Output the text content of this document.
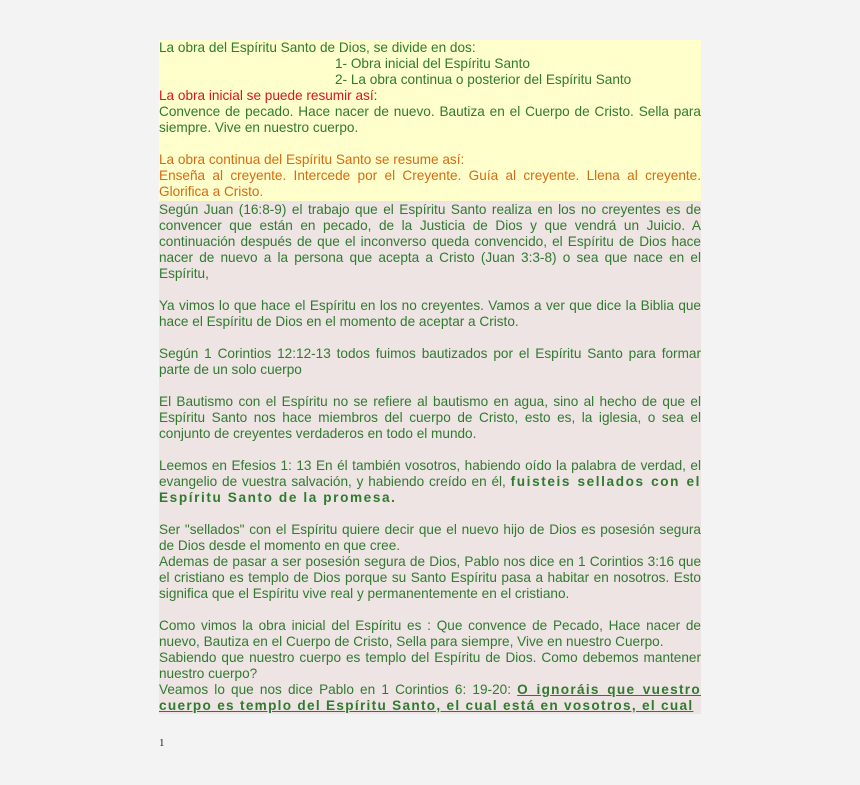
La obra del Espíritu Santo de Dios, se divide en dos:

1- Obra inicial del Espíritu Santo

2- La obra continua o posterior del Espíritu Santo

La obra inicial se puede resumir así:

Convence de pecado. Hace nacer de nuevo. Bautiza en el Cuerpo de Cristo. Sella para siempre. Vive en nuestro cuerpo.

La obra continua del Espíritu Santo se resume así:

Enseña al creyente. Intercede por el Creyente. Guía al creyente. Llena al creyente. Glorifica a Cristo.

Según Juan (16:8-9) el trabajo que el Espíritu Santo realiza en los no creyentes es de convencer que están en pecado, de la Justicia de Dios y que vendrá un Juicio. A continuación después de que el inconverso queda convencido, el Espíritu de Dios hace nacer de nuevo a la persona que acepta a Cristo (Juan 3:3-8) o sea que nace en el Espíritu,

Ya vimos lo que hace el Espíritu en los no creyentes. Vamos a ver que dice la Biblia que hace el Espíritu de Dios en el momento de aceptar a Cristo.

Según 1 Corintios 12:12-13 todos fuimos bautizados por el Espíritu Santo para formar parte de un solo cuerpo

El Bautismo con el Espíritu no se refiere al bautismo en agua, sino al hecho de que el Espíritu Santo nos hace miembros del cuerpo de Cristo, esto es, la iglesia, o sea el conjunto de creyentes verdaderos en todo el mundo.

Leemos en Efesios 1: 13 En él también vosotros, habiendo oído la palabra de verdad, el evangelio de vuestra salvación, y habiendo creído en él, fuisteis sellados con el Espíritu Santo de la promesa.

Ser "sellados" con el Espíritu quiere decir que el nuevo hijo de Dios es posesión segura de Dios desde el momento en que cree.

Ademas de pasar a ser posesión segura de Dios, Pablo nos dice en 1 Corintios 3:16 que el cristiano es templo de Dios porque su Santo Espíritu pasa a habitar en nosotros. Esto significa que el Espíritu vive real y permanentemente en el cristiano.

Como vimos la obra inicial del Espíritu es : Que convence de Pecado, Hace nacer de nuevo, Bautiza en el Cuerpo de Cristo, Sella para siempre, Vive en nuestro Cuerpo.

Sabiendo que nuestro cuerpo es templo del Espíritu de Dios. Como debemos mantener nuestro cuerpo?

Veamos lo que nos dice Pablo en 1 Corintios 6: 19-20: O ignoráis que vuestro cuerpo es templo del Espíritu Santo, el cual está en vosotros, el cual

1
